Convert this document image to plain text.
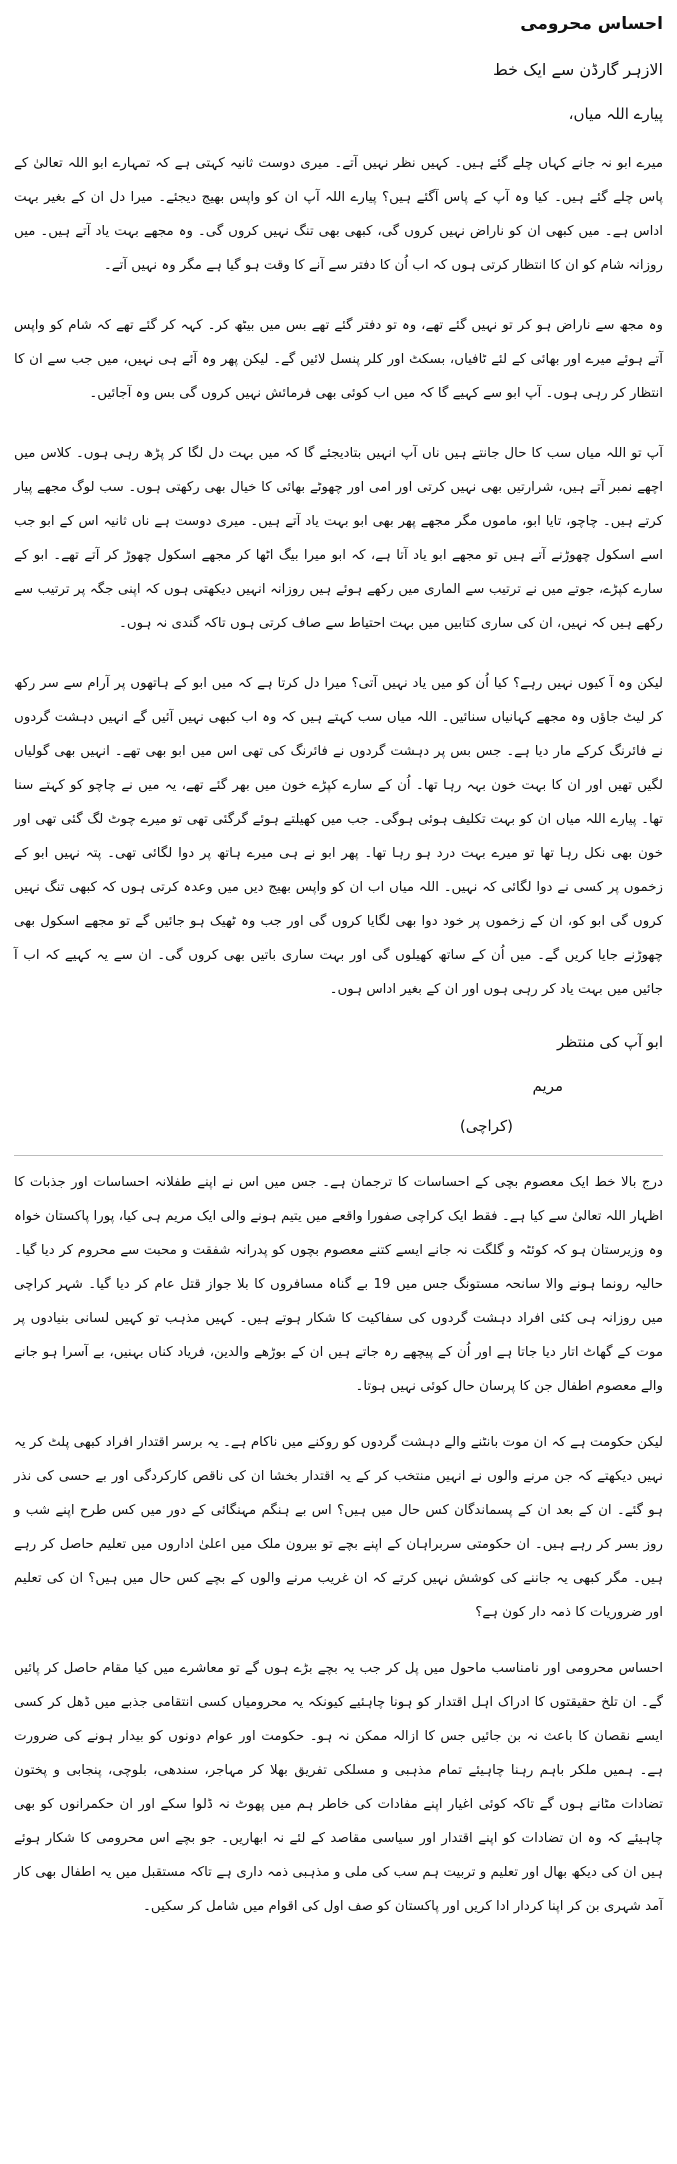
احساس محرومی

الازہر گارڈن سے ایک خط

پیارے اللہ میاں،

میرے ابو نہ جانے کہاں چلے گئے ہیں۔ کہیں نظر نہیں آتے۔ میری دوست ثانیہ کہتی ہے کہ تمہارے ابو اللہ تعالیٰ کے پاس چلے گئے ہیں۔ کیا وہ آپ کے پاس آگئے ہیں؟ پیارے اللہ آپ ان کو واپس بھیج دیجئے۔ میرا دل ان کے بغیر بہت اداس ہے۔ میں کبھی ان کو ناراض نہیں کروں گی، کبھی بھی تنگ نہیں کروں گی۔ وہ مجھے بہت یاد آتے ہیں۔ میں روزانہ شام کو ان کا انتظار کرتی ہوں کہ اب اُن کا دفتر سے آنے کا وقت ہو گیا ہے مگر وہ نہیں آتے۔

وہ مجھ سے ناراض ہو کر تو نہیں گئے تھے، وہ تو دفتر گئے تھے بس میں بیٹھ کر۔ کہہ کر گئے تھے کہ شام کو واپس آتے ہوئے میرے اور بھائی کے لئے ٹافیاں، بسکٹ اور کلر پنسل لائیں گے۔ لیکن پھر وہ آئے ہی نہیں، میں جب سے ان کا انتظار کر رہی ہوں۔ آپ ابو سے کہیے گا کہ میں اب کوئی بھی فرمائش نہیں کروں گی بس وہ آجائیں۔

آپ تو اللہ میاں سب کا حال جانتے ہیں ناں آپ انہیں بتادیجئے گا کہ میں بہت دل لگا کر پڑھ رہی ہوں۔ کلاس میں اچھے نمبر آتے ہیں، شرارتیں بھی نہیں کرتی اور امی اور چھوٹے بھائی کا خیال بھی رکھتی ہوں۔ سب لوگ مجھے پیار کرتے ہیں۔ چاچو، تایا ابو، ماموں مگر مجھے پھر بھی ابو بہت یاد آتے ہیں۔ میری دوست ہے ناں ثانیہ اس کے ابو جب اسے اسکول چھوڑنے آتے ہیں تو مجھے ابو یاد آتا ہے، کہ ابو میرا بیگ اٹھا کر مجھے اسکول چھوڑ کر آتے تھے۔ ابو کے سارے کپڑے، جوتے میں نے ترتیب سے الماری میں رکھے ہوئے ہیں روزانہ انہیں دیکھتی ہوں کہ اپنی جگہ پر ترتیب سے رکھے ہیں کہ نہیں، ان کی ساری کتابیں میں بہت احتیاط سے صاف کرتی ہوں تاکہ گندی نہ ہوں۔

لیکن وہ آ کیوں نہیں رہے؟ کیا اُن کو میں یاد نہیں آتی؟ میرا دل کرتا ہے کہ میں ابو کے ہاتھوں پر آرام سے سر رکھ کر لیٹ جاؤں وہ مجھے کہانیاں سنائیں۔ اللہ میاں سب کہتے ہیں کہ وہ اب کبھی نہیں آئیں گے انہیں دہشت گردوں نے فائرنگ کرکے مار دیا ہے۔ جس بس پر دہشت گردوں نے فائرنگ کی تھی اس میں ابو بھی تھے۔ انہیں بھی گولیاں لگیں تھیں اور ان کا بہت خون بہہ رہا تھا۔ اُن کے سارے کپڑے خون میں بھر گئے تھے، یہ میں نے چاچو کو کہتے سنا تھا۔ پیارے اللہ میاں ان کو بہت تکلیف ہوئی ہوگی۔ جب میں کھیلتے ہوئے گرگئی تھی تو میرے چوٹ لگ گئی تھی اور خون بھی نکل رہا تھا تو میرے بہت درد ہو رہا تھا۔ پھر ابو نے ہی میرے ہاتھ پر دوا لگائی تھی۔ پتہ نہیں ابو کے زخموں پر کسی نے دوا لگائی کہ نہیں۔ اللہ میاں اب ان کو واپس بھیج دیں میں وعدہ کرتی ہوں کہ کبھی تنگ نہیں کروں گی ابو کو، ان کے زخموں پر خود دوا بھی لگایا کروں گی اور جب وہ ٹھیک ہو جائیں گے تو مجھے اسکول بھی چھوڑنے جایا کریں گے۔ میں اُن کے ساتھ کھیلوں گی اور بہت ساری باتیں بھی کروں گی۔ ان سے یہ کہیے کہ اب آ جائیں میں بہت یاد کر رہی ہوں اور ان کے بغیر اداس ہوں۔

ابو آپ کی منتظر

مریم

(کراچی)

درج بالا خط ایک معصوم بچی کے احساسات کا ترجمان ہے۔ جس میں اس نے اپنے طفلانہ احساسات اور جذبات کا اظہار اللہ تعالیٰ سے کیا ہے۔ فقط ایک کراچی صفورا واقعے میں یتیم ہونے والی ایک مریم ہی کیا، پورا پاکستان خواہ وہ وزیرستان ہو کہ کوئٹہ و گلگت نہ جانے ایسے کتنے معصوم بچوں کو پدرانہ شفقت و محبت سے محروم کر دیا گیا۔ حالیہ رونما ہونے والا سانحہ مستونگ جس میں 19 بے گناہ مسافروں کا بلا جواز قتل عام کر دیا گیا۔ شہر کراچی میں روزانہ ہی کئی افراد دہشت گردوں کی سفاکیت کا شکار ہوتے ہیں۔ کہیں مذہب تو کہیں لسانی بنیادوں پر موت کے گھاٹ اتار دیا جاتا ہے اور اُن کے پیچھے رہ جاتے ہیں ان کے بوڑھے والدین، فریاد کناں بہنیں، بے آسرا ہو جانے والے معصوم اطفال جن کا پرسان حال کوئی نہیں ہوتا۔

لیکن حکومت ہے کہ ان موت بانٹنے والے دہشت گردوں کو روکنے میں ناکام ہے۔ یہ برسر اقتدار افراد کبھی پلٹ کر یہ نہیں دیکھتے کہ جن مرنے والوں نے انہیں منتخب کر کے یہ اقتدار بخشا ان کی ناقص کارکردگی اور بے حسی کی نذر ہو گئے۔ ان کے بعد ان کے پسماندگان کس حال میں ہیں؟ اس بے ہنگم مہنگائی کے دور میں کس طرح اپنے شب و روز بسر کر رہے ہیں۔ ان حکومتی سربراہان کے اپنے بچے تو بیرون ملک میں اعلیٰ اداروں میں تعلیم حاصل کر رہے ہیں۔ مگر کبھی یہ جاننے کی کوشش نہیں کرتے کہ ان غریب مرنے والوں کے بچے کس حال میں ہیں؟ ان کی تعلیم اور ضروریات کا ذمہ دار کون ہے؟

احساس محرومی اور نامناسب ماحول میں پل کر جب یہ بچے بڑے ہوں گے تو معاشرے میں کیا مقام حاصل کر پائیں گے۔ ان تلخ حقیقتوں کا ادراک اہل اقتدار کو ہونا چاہئیے کیونکہ یہ محرومیاں کسی انتقامی جذبے میں ڈھل کر کسی ایسے نقصان کا باعث نہ بن جائیں جس کا ازالہ ممکن نہ ہو۔ حکومت اور عوام دونوں کو بیدار ہونے کی ضرورت ہے۔ ہمیں ملکر باہم رہنا چاہیئے تمام مذہبی و مسلکی تفریق بھلا کر مہاجر، سندھی، بلوچی، پنجابی و پختون تضادات مٹانے ہوں گے تاکہ کوئی اغیار اپنے مفادات کی خاطر ہم میں پھوٹ نہ ڈلوا سکے اور ان حکمرانوں کو بھی چاہیئے کہ وہ ان تضادات کو اپنے اقتدار اور سیاسی مقاصد کے لئے نہ ابھاریں۔ جو بچے اس محرومی کا شکار ہوئے ہیں ان کی دیکھ بھال اور تعلیم و تربیت ہم سب کی ملی و مذہبی ذمہ داری ہے تاکہ مستقبل میں یہ اطفال بھی کار آمد شہری بن کر اپنا کردار ادا کریں اور پاکستان کو صف اول کی اقوام میں شامل کر سکیں۔
